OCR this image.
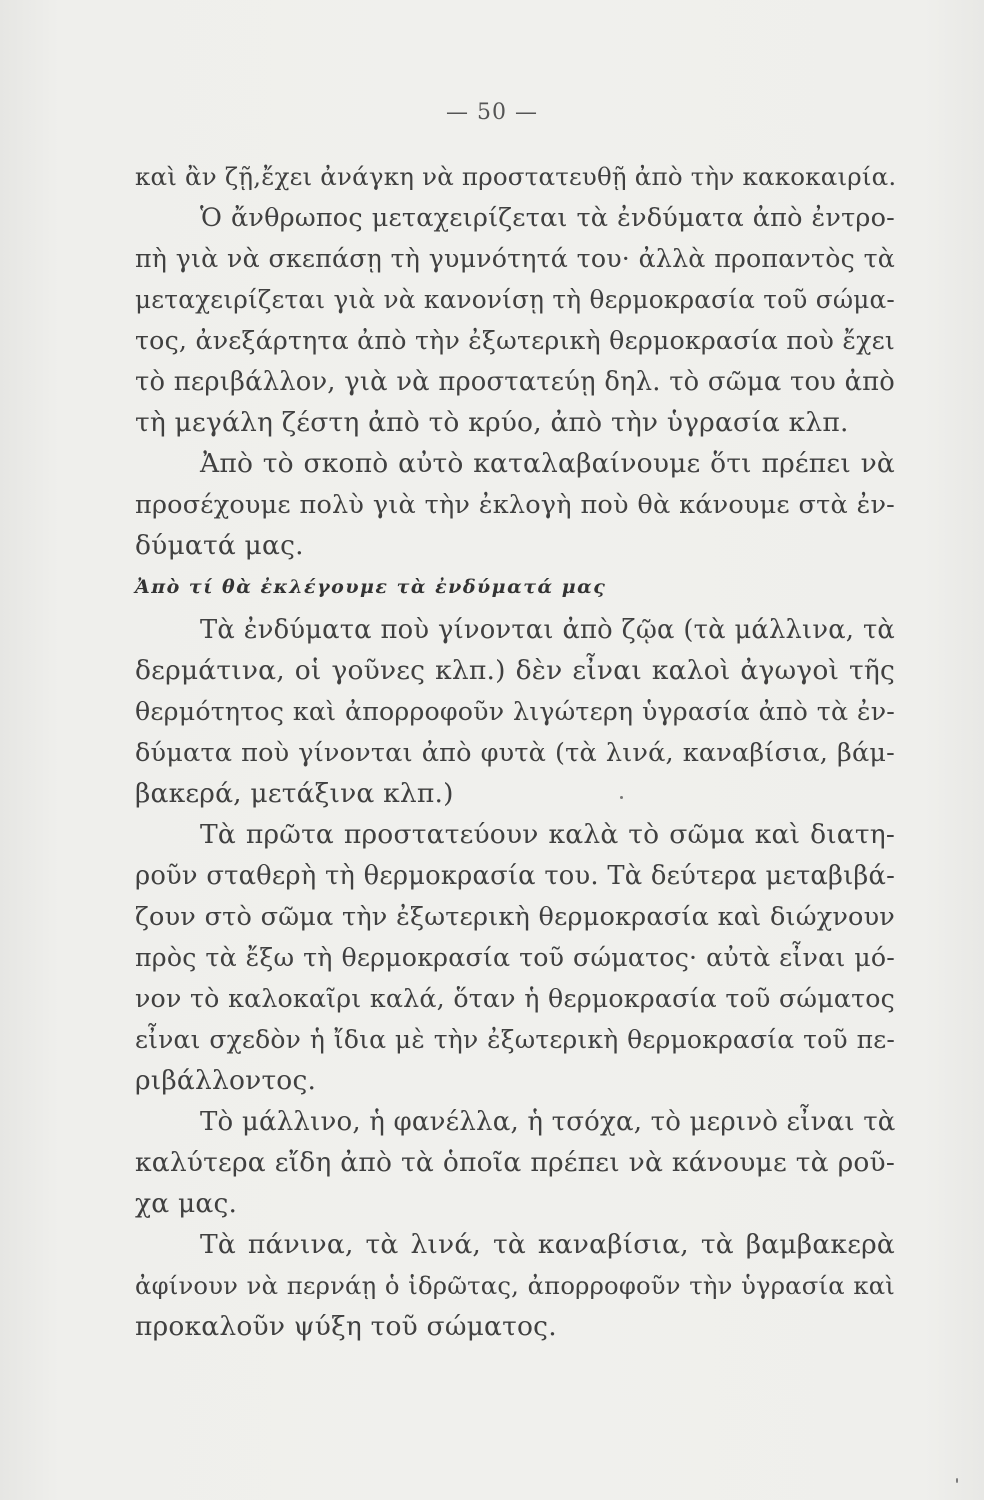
— 50 —
καὶ ἂν ζῇ,ἔχει ἀνάγκη νὰ προστατευθῇ ἀπὸ τὴν κακοκαιρία.
Ὁ ἄνθρωπος μεταχειρίζεται τὰ ἐνδύματα ἀπὸ ἐντρο-
πὴ γιὰ νὰ σκεπάσῃ τὴ γυμνότητά του· ἀλλὰ προπαντὸς τὰ
μεταχειρίζεται γιὰ νὰ κανονίσῃ τὴ θερμοκρασία τοῦ σώμα-
τος, ἀνεξάρτητα ἀπὸ τὴν ἐξωτερικὴ θερμοκρασία ποὺ ἔχει
τὸ περιβάλλον, γιὰ νὰ προστατεύῃ δηλ. τὸ σῶμα του ἀπὸ
τὴ μεγάλη ζέστη ἀπὸ τὸ κρύο, ἀπὸ τὴν ὑγρασία κλπ.
Ἀπὸ τὸ σκοπὸ αὐτὸ καταλαβαίνουμε ὅτι πρέπει νὰ
προσέχουμε πολὺ γιὰ τὴν ἐκλογὴ ποὺ θὰ κάνουμε στὰ ἐν-
δύματά μας.
Ἀπὸ τί θὰ ἐκλέγουμε τὰ ἐνδύματά μας
Τὰ ἐνδύματα ποὺ γίνονται ἀπὸ ζῷα (τὰ μάλλινα, τὰ
δερμάτινα, οἱ γοῦνες κλπ.) δὲν εἶναι καλοὶ ἀγωγοὶ τῆς
θερμότητος καὶ ἀπορροφοῦν λιγώτερη ὑγρασία ἀπὸ τὰ ἐν-
δύματα ποὺ γίνονται ἀπὸ φυτὰ (τὰ λινά, καναβίσια, βάμ-
βακερά, μετάξινα κλπ.)
Τὰ πρῶτα προστατεύουν καλὰ τὸ σῶμα καὶ διατη-
ροῦν σταθερὴ τὴ θερμοκρασία του. Τὰ δεύτερα μεταβιβά-
ζουν στὸ σῶμα τὴν ἐξωτερικὴ θερμοκρασία καὶ διώχνουν
πρὸς τὰ ἔξω τὴ θερμοκρασία τοῦ σώματος· αὐτὰ εἶναι μό-
νον τὸ καλοκαῖρι καλά, ὅταν ἡ θερμοκρασία τοῦ σώματος
εἶναι σχεδὸν ἡ ἴδια μὲ τὴν ἐξωτερικὴ θερμοκρασία τοῦ πε-
ριβάλλοντος.
Τὸ μάλλινο, ἡ φανέλλα, ἡ τσόχα, τὸ μερινὸ εἶναι τὰ
καλύτερα εἴδη ἀπὸ τὰ ὁποῖα πρέπει νὰ κάνουμε τὰ ροῦ-
χα μας.
Τὰ πάνινα, τὰ λινά, τὰ καναβίσια, τὰ βαμβακερὰ
ἀφίνουν νὰ περνάῃ ὁ ἱδρῶτας, ἀπορροφοῦν τὴν ὑγρασία καὶ
προκαλοῦν ψύξη τοῦ σώματος.
